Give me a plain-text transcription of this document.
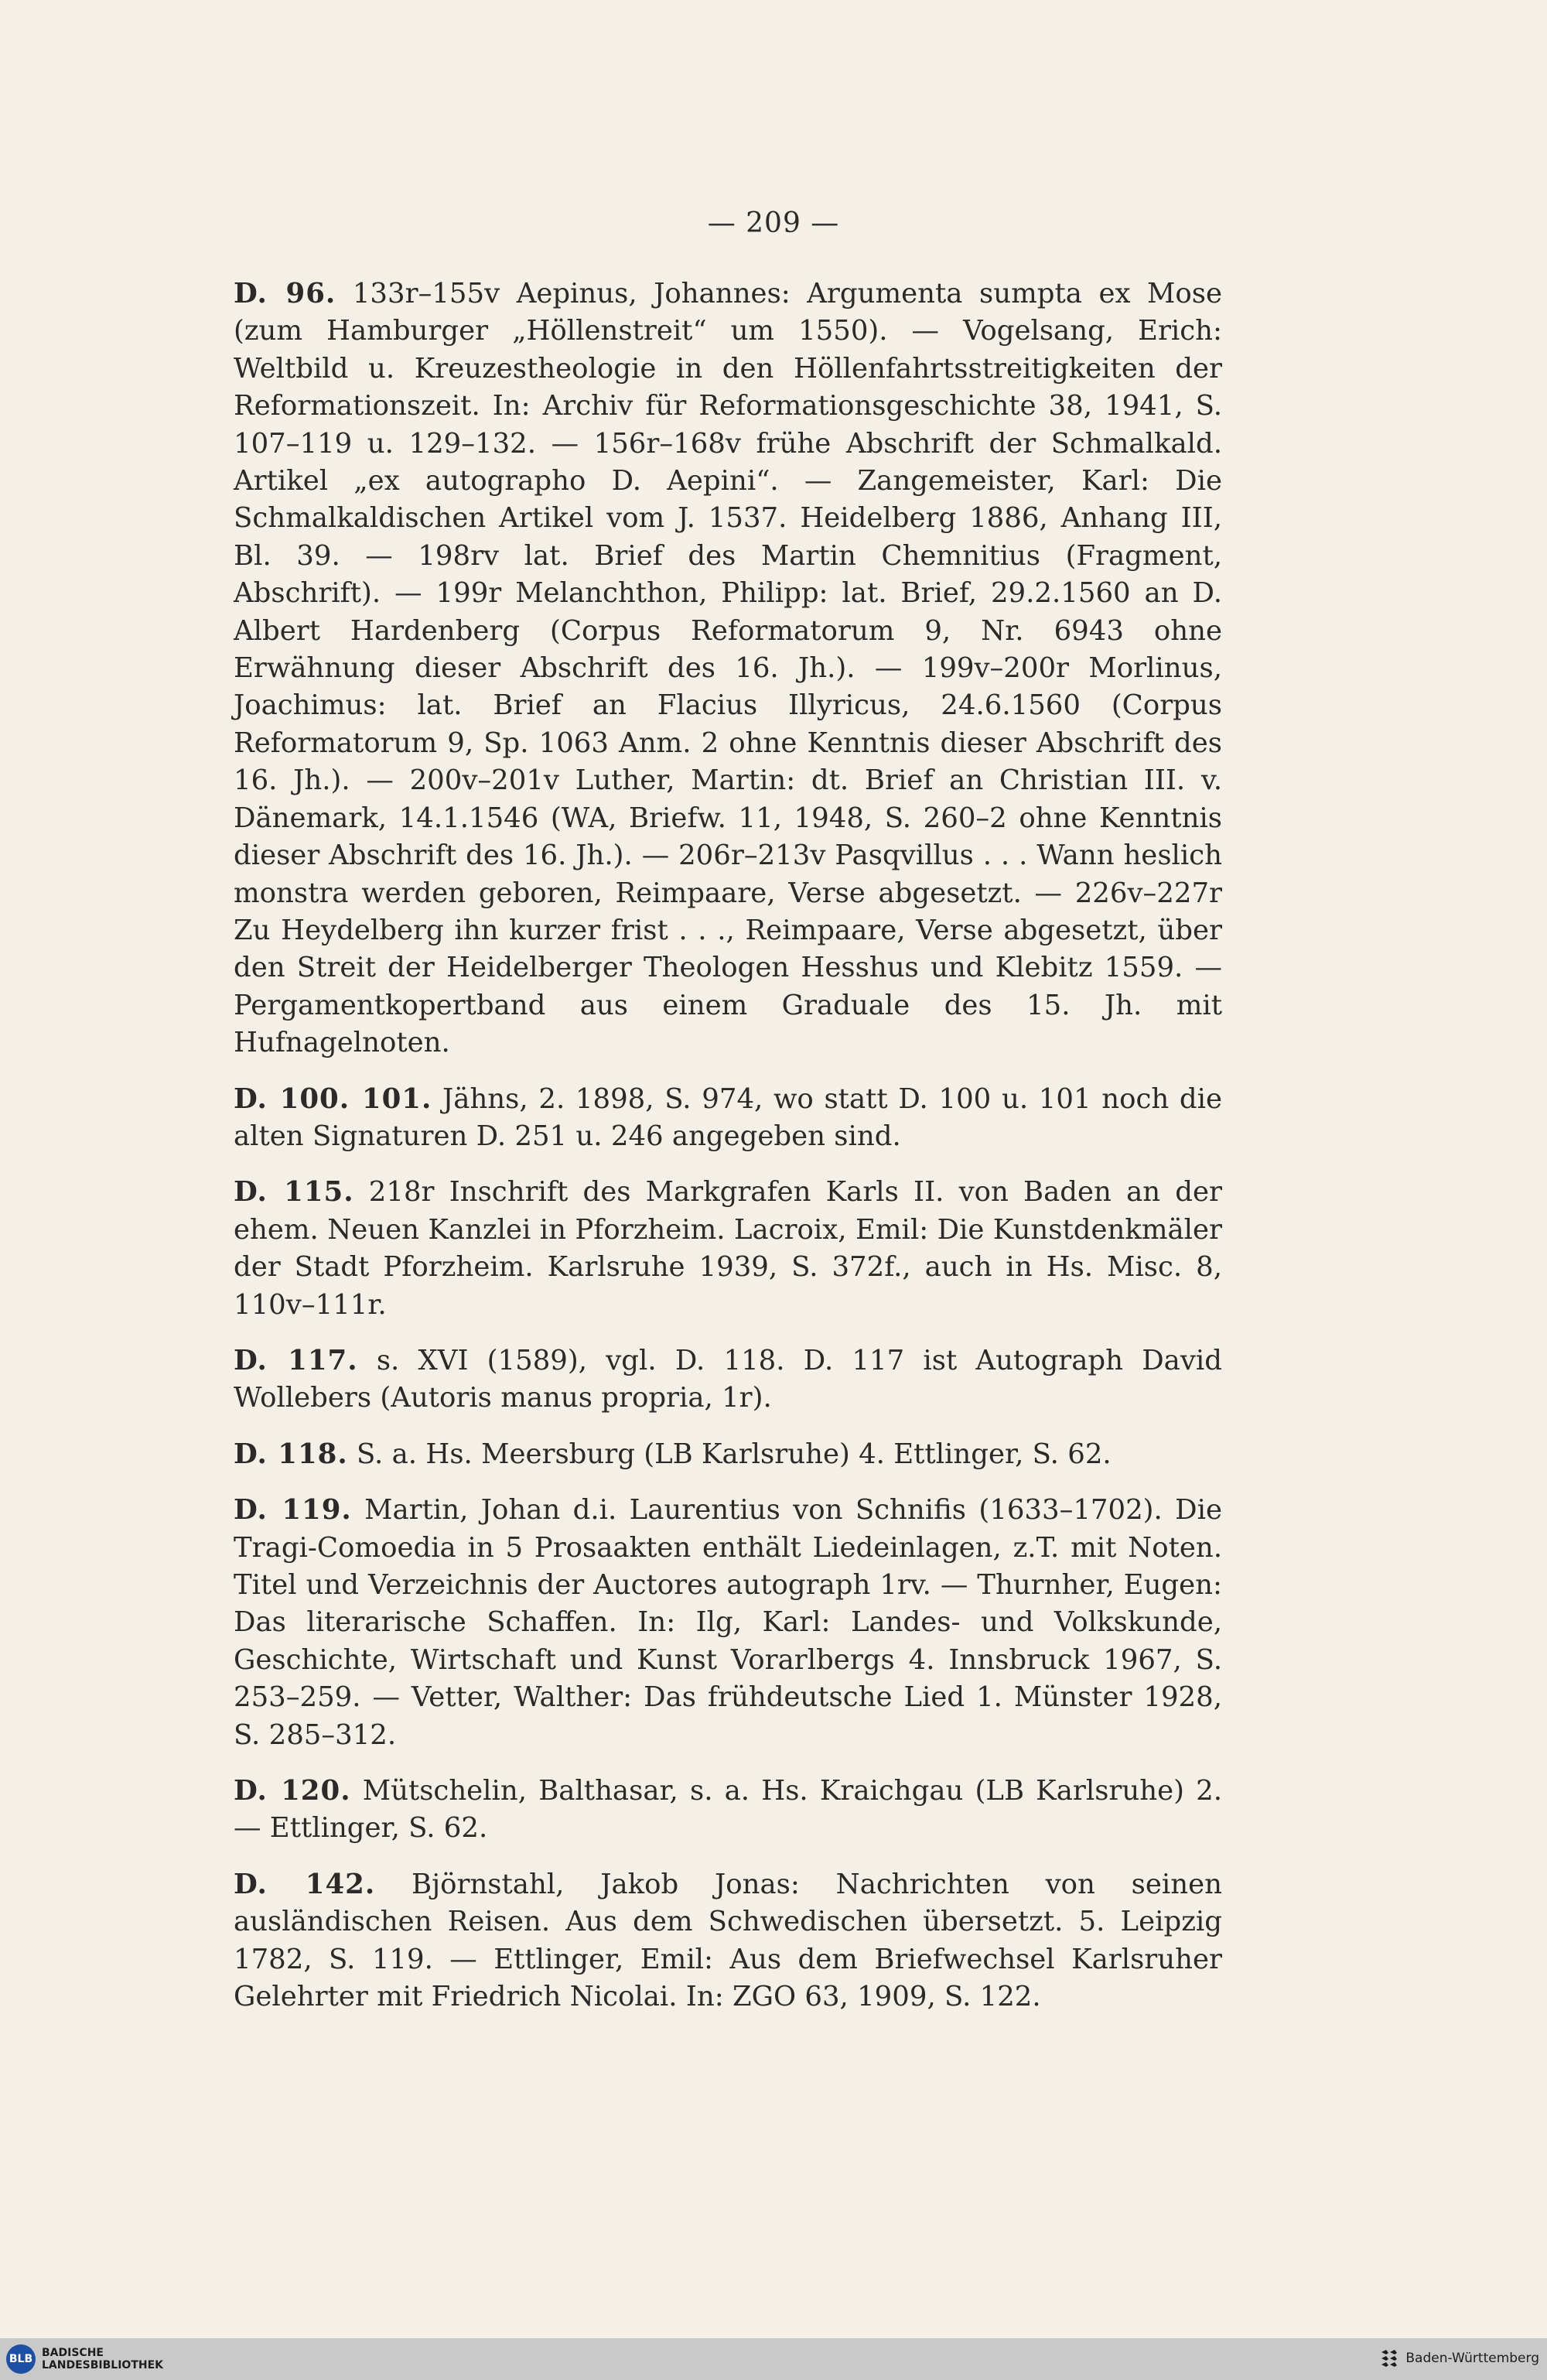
— 209 —

D. 96. 133r–155v Aepinus, Johannes: Argumenta sumpta ex Mose (zum Hamburger „Höllenstreit“ um 1550). — Vogelsang, Erich: Weltbild u. Kreuzestheologie in den Höllenfahrtsstreitigkeiten der Reformationszeit. In: Archiv für Reformationsgeschichte 38, 1941, S. 107–119 u. 129–132. — 156r–168v frühe Abschrift der Schmalkald. Artikel „ex autographo D. Aepini“. — Zangemeister, Karl: Die Schmalkaldischen Artikel vom J. 1537. Heidelberg 1886, Anhang III, Bl. 39. — 198rv lat. Brief des Martin Chemnitius (Fragment, Abschrift). — 199r Melanchthon, Philipp: lat. Brief, 29.2.1560 an D. Albert Hardenberg (Corpus Reformatorum 9, Nr. 6943 ohne Erwähnung dieser Abschrift des 16. Jh.). — 199v–200r Morlinus, Joachimus: lat. Brief an Flacius Illyricus, 24.6.1560 (Corpus Reformatorum 9, Sp. 1063 Anm. 2 ohne Kenntnis dieser Abschrift des 16. Jh.). — 200v–201v Luther, Martin: dt. Brief an Christian III. v. Dänemark, 14.1.1546 (WA, Briefw. 11, 1948, S. 260–2 ohne Kenntnis dieser Abschrift des 16. Jh.). — 206r–213v Pasqvillus . . . Wann heslich monstra werden geboren, Reimpaare, Verse abgesetzt. — 226v–227r Zu Heydelberg ihn kurzer frist . . ., Reimpaare, Verse abgesetzt, über den Streit der Heidelberger Theologen Hesshus und Klebitz 1559. — Pergamentkopertband aus einem Graduale des 15. Jh. mit Hufnagelnoten.

D. 100. 101. Jähns, 2. 1898, S. 974, wo statt D. 100 u. 101 noch die alten Signaturen D. 251 u. 246 angegeben sind.

D. 115. 218r Inschrift des Markgrafen Karls II. von Baden an der ehem. Neuen Kanzlei in Pforzheim. Lacroix, Emil: Die Kunstdenkmäler der Stadt Pforzheim. Karlsruhe 1939, S. 372f., auch in Hs. Misc. 8, 110v–111r.

D. 117. s. XVI (1589), vgl. D. 118. D. 117 ist Autograph David Wollebers (Autoris manus propria, 1r).

D. 118. S. a. Hs. Meersburg (LB Karlsruhe) 4. Ettlinger, S. 62.

D. 119. Martin, Johan d.i. Laurentius von Schnifis (1633–1702). Die Tragi-Comoedia in 5 Prosaakten enthält Liedeinlagen, z.T. mit Noten. Titel und Verzeichnis der Auctores autograph 1rv. — Thurnher, Eugen: Das literarische Schaffen. In: Ilg, Karl: Landes- und Volkskunde, Geschichte, Wirtschaft und Kunst Vorarlbergs 4. Innsbruck 1967, S. 253–259. — Vetter, Walther: Das frühdeutsche Lied 1. Münster 1928, S. 285–312.

D. 120. Mütschelin, Balthasar, s. a. Hs. Kraichgau (LB Karlsruhe) 2. — Ettlinger, S. 62.

D. 142. Björnstahl, Jakob Jonas: Nachrichten von seinen ausländischen Reisen. Aus dem Schwedischen übersetzt. 5. Leipzig 1782, S. 119. — Ettlinger, Emil: Aus dem Briefwechsel Karlsruher Gelehrter mit Friedrich Nicolai. In: ZGO 63, 1909, S. 122.

BLB BADISCHE
LANDESBIBLIOTHEK	Baden-Württemberg
